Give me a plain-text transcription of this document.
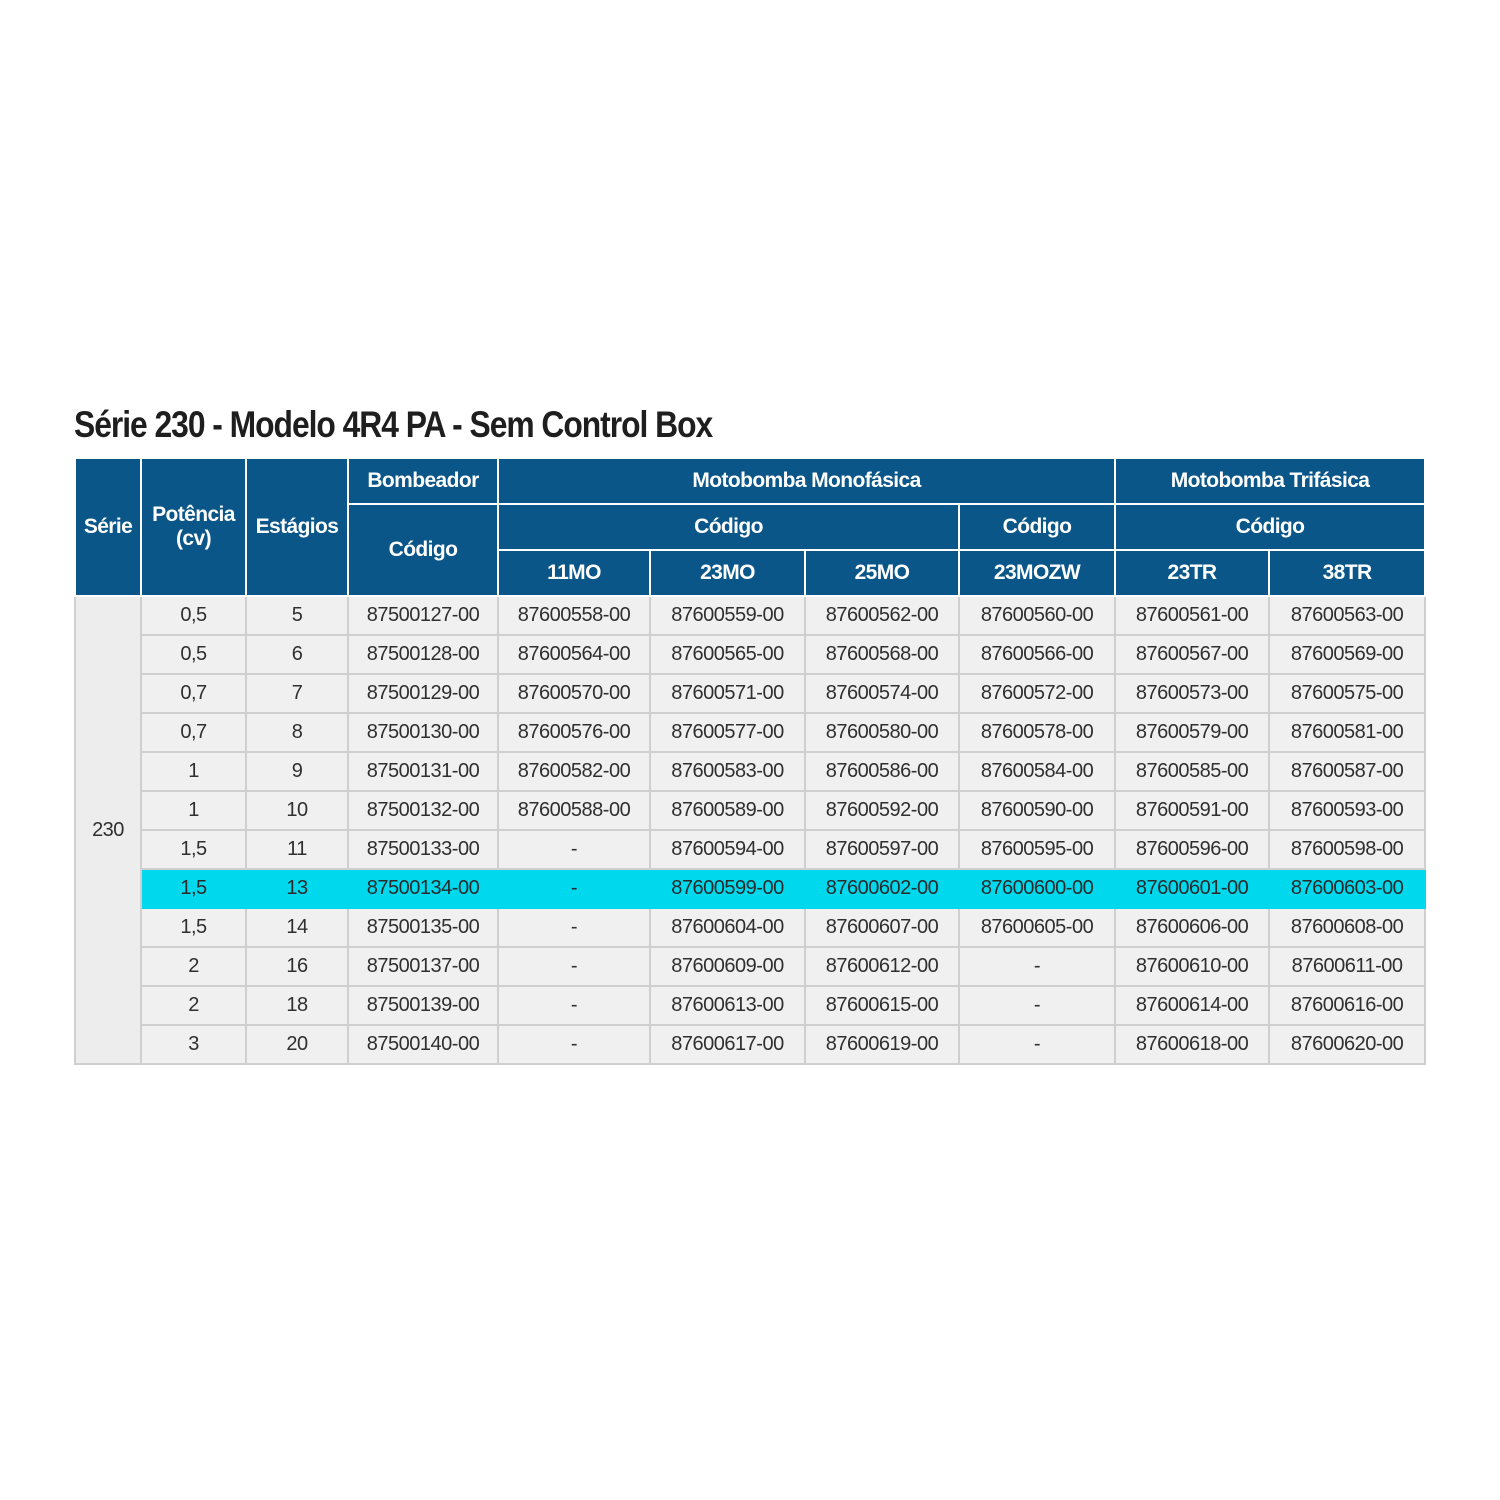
Série 230 - Modelo 4R4 PA - Sem Control Box
Série	Potência (cv)	Estágios	Bombeador	Motobomba Monofásica				Motobomba Trifásica	
			Código	Código			Código	Código	
				11MO	23MO	25MO	23MOZW	23TR	38TR
230	0,5	5	87500127-00	87600558-00	87600559-00	87600562-00	87600560-00	87600561-00	87600563-00
	0,5	6	87500128-00	87600564-00	87600565-00	87600568-00	87600566-00	87600567-00	87600569-00
	0,7	7	87500129-00	87600570-00	87600571-00	87600574-00	87600572-00	87600573-00	87600575-00
	0,7	8	87500130-00	87600576-00	87600577-00	87600580-00	87600578-00	87600579-00	87600581-00
	1	9	87500131-00	87600582-00	87600583-00	87600586-00	87600584-00	87600585-00	87600587-00
	1	10	87500132-00	87600588-00	87600589-00	87600592-00	87600590-00	87600591-00	87600593-00
	1,5	11	87500133-00	-	87600594-00	87600597-00	87600595-00	87600596-00	87600598-00
	1,5	13	87500134-00	-	87600599-00	87600602-00	87600600-00	87600601-00	87600603-00
	1,5	14	87500135-00	-	87600604-00	87600607-00	87600605-00	87600606-00	87600608-00
	2	16	87500137-00	-	87600609-00	87600612-00	-	87600610-00	87600611-00
	2	18	87500139-00	-	87600613-00	87600615-00	-	87600614-00	87600616-00
	3	20	87500140-00	-	87600617-00	87600619-00	-	87600618-00	87600620-00
